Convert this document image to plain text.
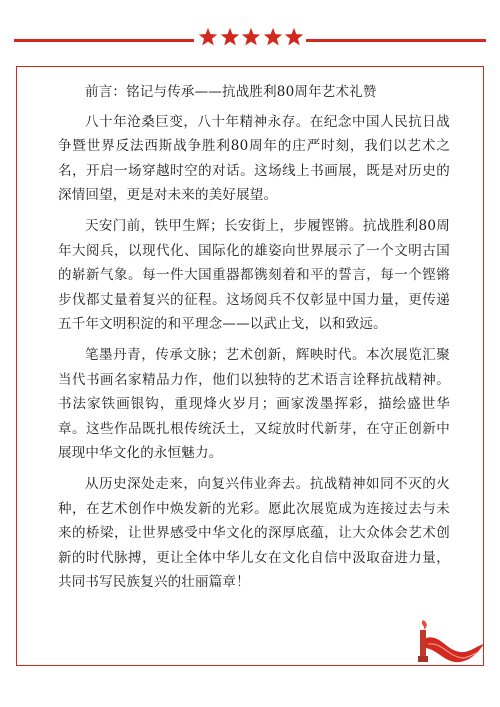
前言：铭记与传承——抗战胜利80周年艺术礼赞

八十年沧桑巨变，八十年精神永存。在纪念中国人民抗日战争暨世界反法西斯战争胜利80周年的庄严时刻，我们以艺术之名，开启一场穿越时空的对话。这场线上书画展，既是对历史的深情回望，更是对未来的美好展望。

天安门前，铁甲生辉；长安街上，步履铿锵。抗战胜利80周年大阅兵，以现代化、国际化的雄姿向世界展示了一个文明古国的崭新气象。每一件大国重器都镌刻着和平的誓言，每一个铿锵步伐都丈量着复兴的征程。这场阅兵不仅彰显中国力量，更传递五千年文明积淀的和平理念——以武止戈，以和致远。

笔墨丹青，传承文脉；艺术创新，辉映时代。本次展览汇聚当代书画名家精品力作，他们以独特的艺术语言诠释抗战精神。书法家铁画银钩，重现烽火岁月；画家泼墨挥彩，描绘盛世华章。这些作品既扎根传统沃土，又绽放时代新芽，在守正创新中展现中华文化的永恒魅力。

从历史深处走来，向复兴伟业奔去。抗战精神如同不灭的火种，在艺术创作中焕发新的光彩。愿此次展览成为连接过去与未来的桥梁，让世界感受中华文化的深厚底蕴，让大众体会艺术创新的时代脉搏，更让全体中华儿女在文化自信中汲取奋进力量，共同书写民族复兴的壮丽篇章！
